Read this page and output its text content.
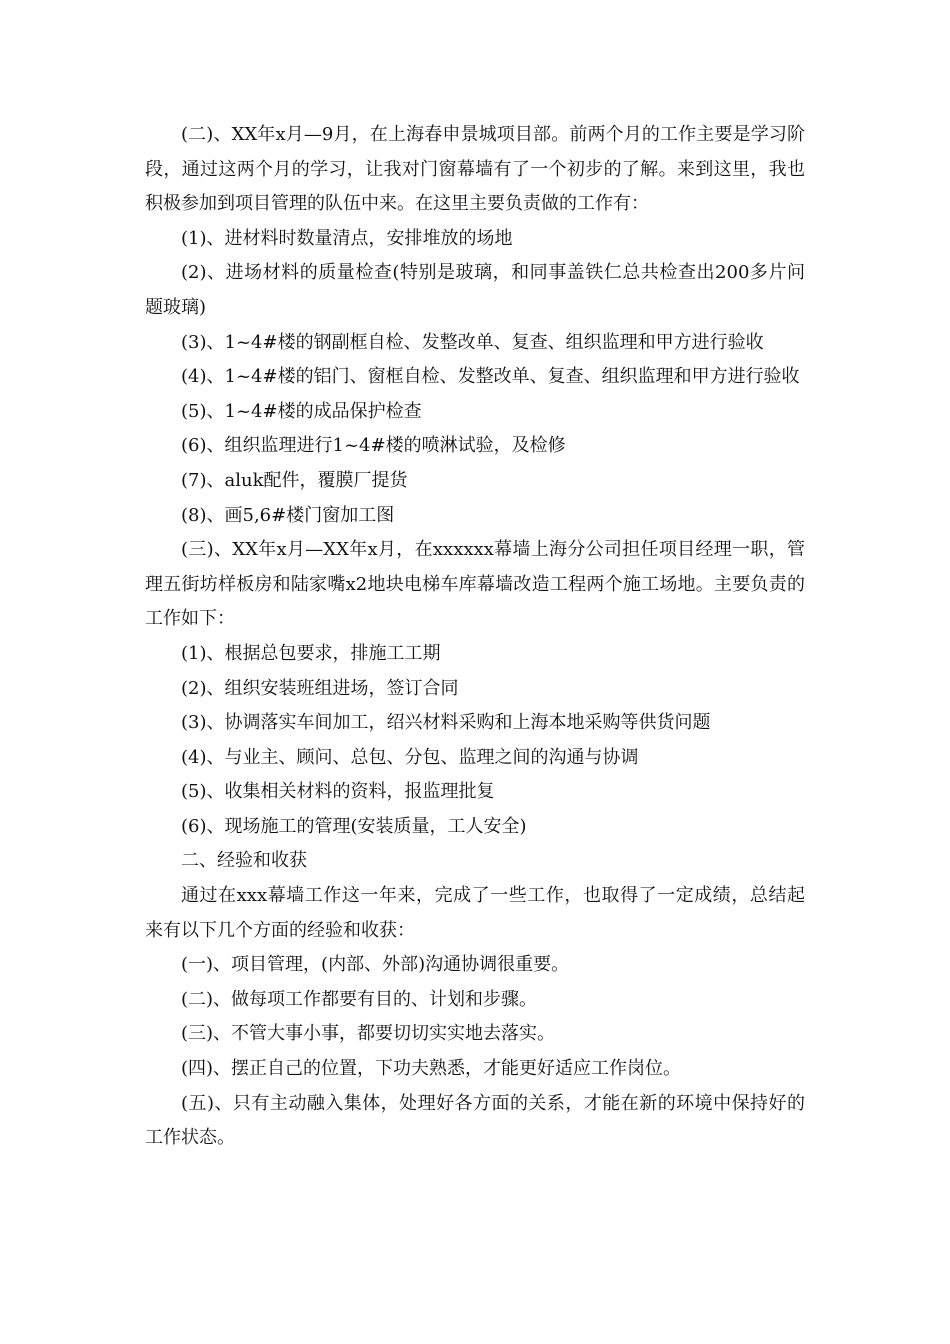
(二)、XX年x月—9月，在上海春申景城项目部。前两个月的工作主要是学习阶段，通过这两个月的学习，让我对门窗幕墙有了一个初步的了解。来到这里，我也积极参加到项目管理的队伍中来。在这里主要负责做的工作有：

(1)、进材料时数量清点，安排堆放的场地

(2)、进场材料的质量检查(特别是玻璃，和同事盖铁仁总共检查出200多片问题玻璃)

(3)、1~4#楼的钢副框自检、发整改单、复查、组织监理和甲方进行验收

(4)、1~4#楼的铝门、窗框自检、发整改单、复查、组织监理和甲方进行验收

(5)、1~4#楼的成品保护检查

(6)、组织监理进行1~4#楼的喷淋试验，及检修

(7)、aluk配件，覆膜厂提货

(8)、画5,6#楼门窗加工图

(三)、XX年x月—XX年x月，在xxxxxx幕墙上海分公司担任项目经理一职，管理五街坊样板房和陆家嘴x2地块电梯车库幕墙改造工程两个施工场地。主要负责的工作如下：

(1)、根据总包要求，排施工工期

(2)、组织安装班组进场，签订合同

(3)、协调落实车间加工，绍兴材料采购和上海本地采购等供货问题

(4)、与业主、顾问、总包、分包、监理之间的沟通与协调

(5)、收集相关材料的资料，报监理批复

(6)、现场施工的管理(安装质量，工人安全)

二、经验和收获

通过在xxx幕墙工作这一年来，完成了一些工作，也取得了一定成绩，总结起来有以下几个方面的经验和收获：

(一)、项目管理，(内部、外部)沟通协调很重要。

(二)、做每项工作都要有目的、计划和步骤。

(三)、不管大事小事，都要切切实实地去落实。

(四)、摆正自己的位置，下功夫熟悉，才能更好适应工作岗位。

(五)、只有主动融入集体，处理好各方面的关系，才能在新的环境中保持好的工作状态。
